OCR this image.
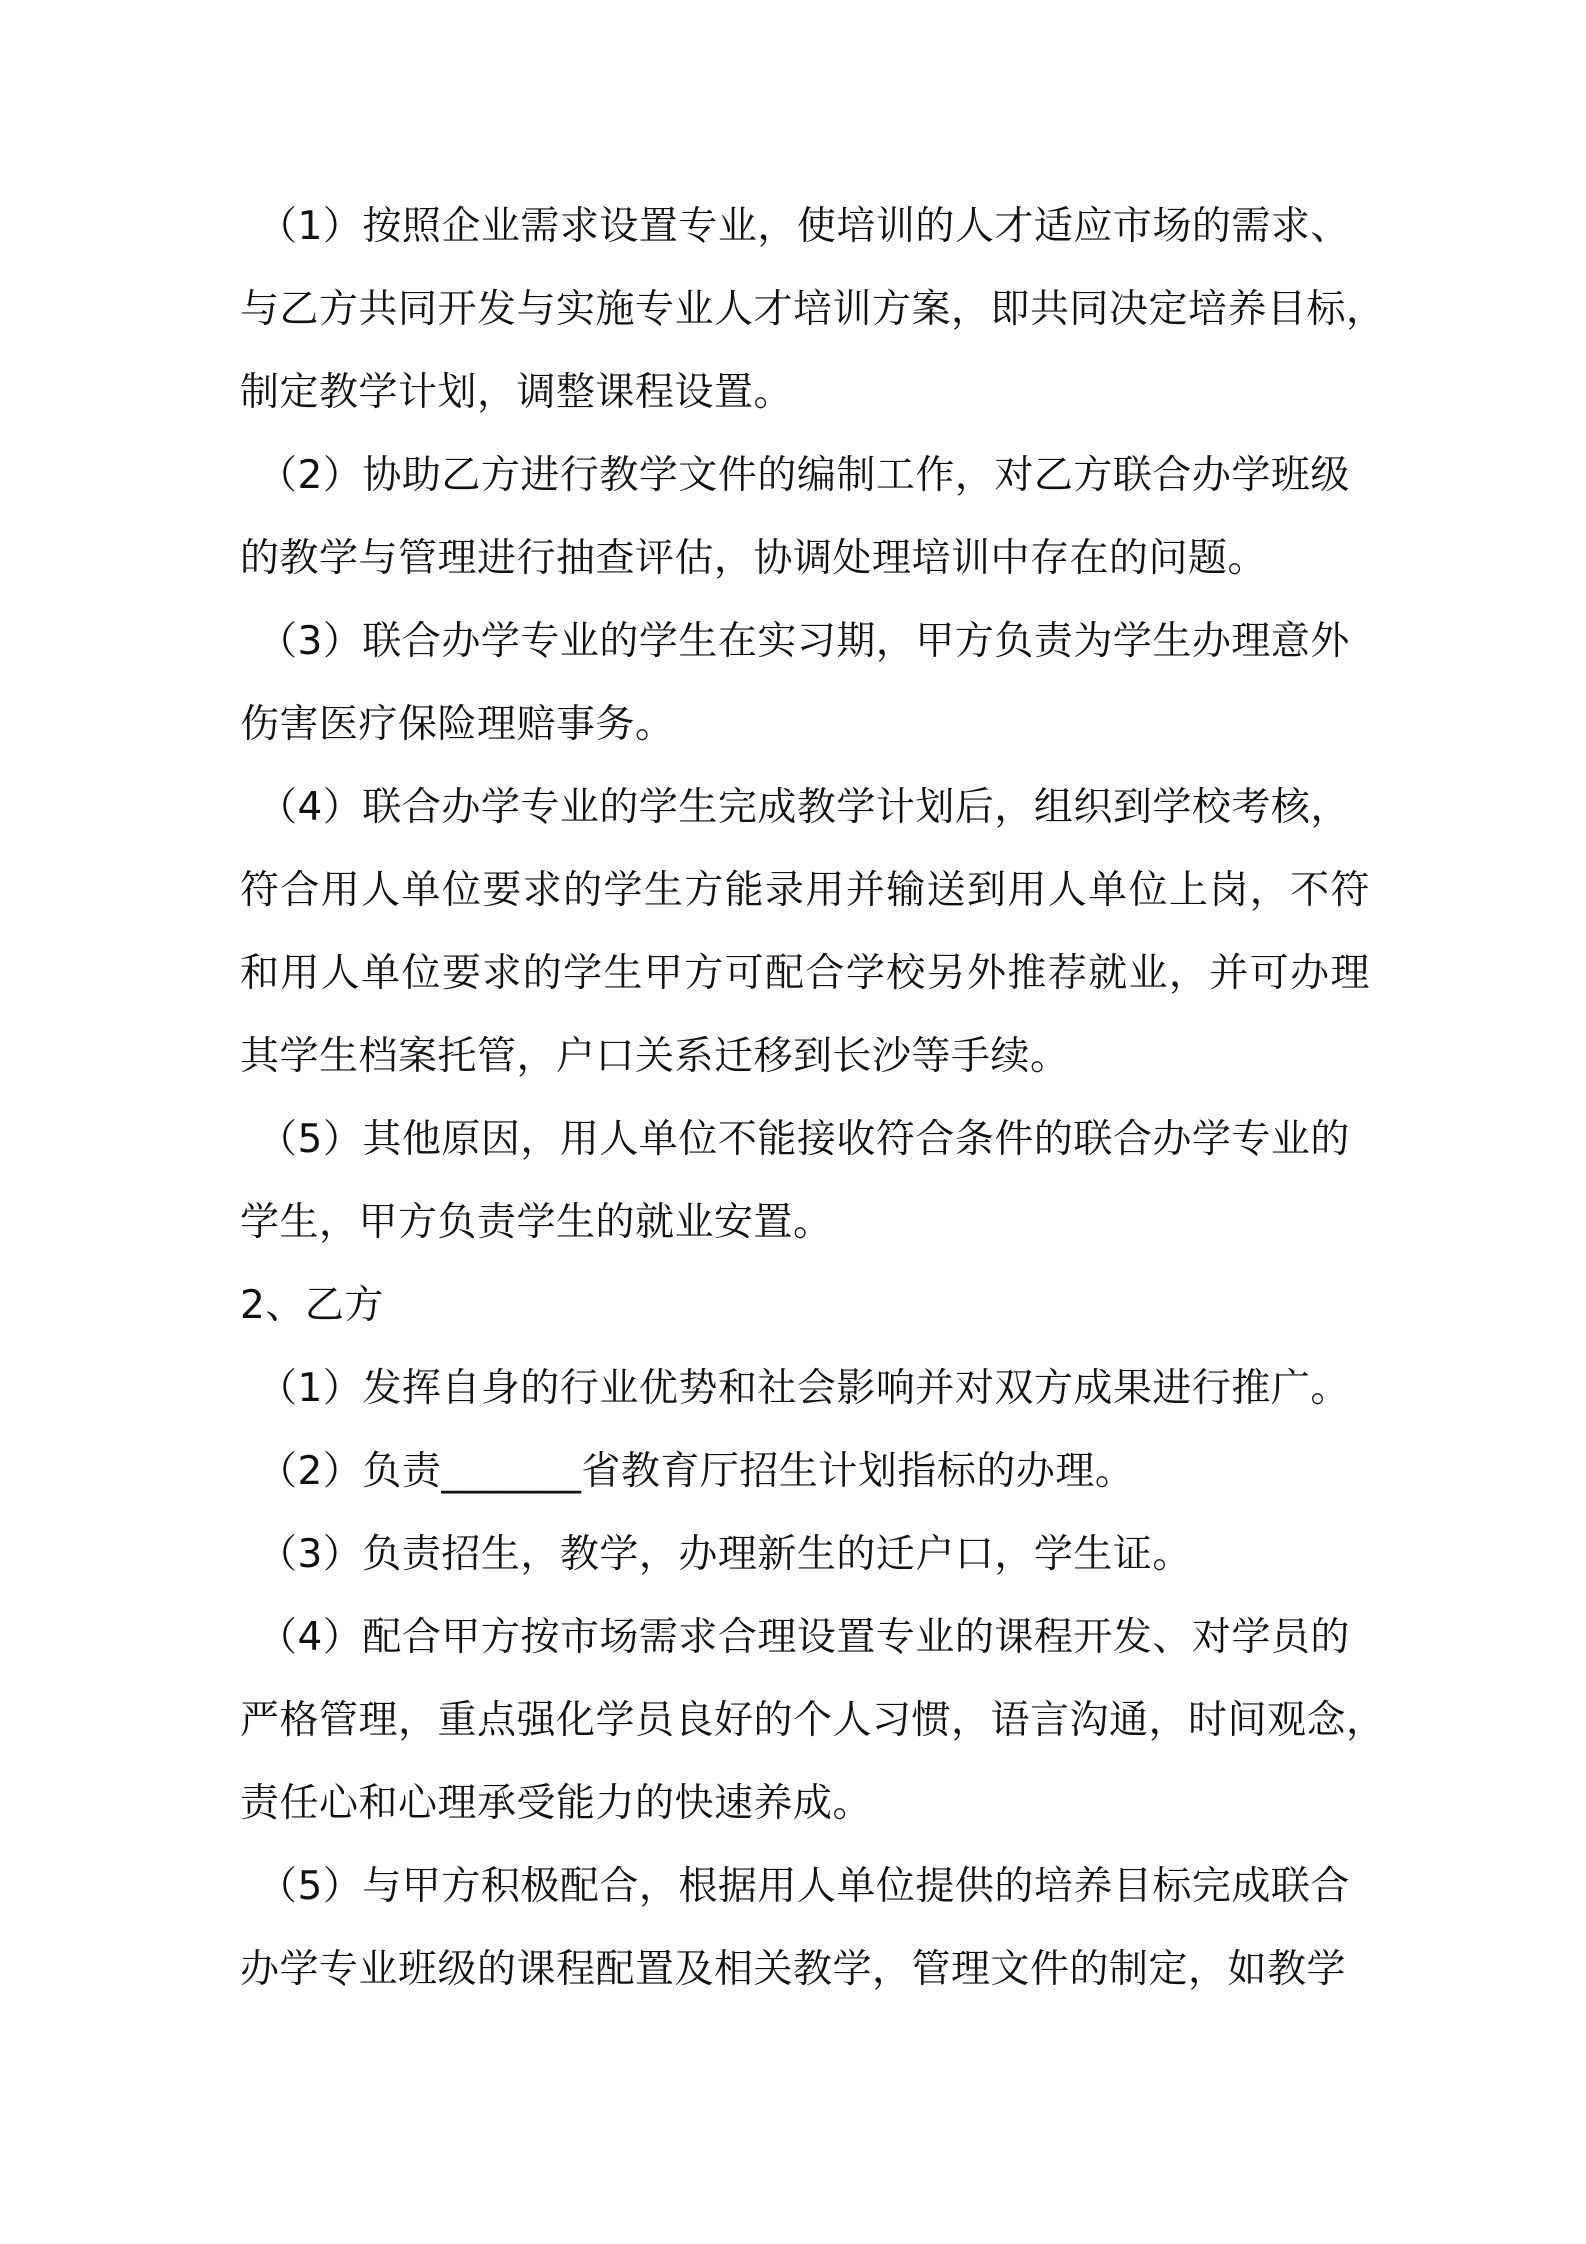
（1）按照企业需求设置专业，使培训的人才适应市场的需求、
与乙方共同开发与实施专业人才培训方案，即共同决定培养目标，
制定教学计划，调整课程设置。
（2）协助乙方进行教学文件的编制工作，对乙方联合办学班级
的教学与管理进行抽查评估，协调处理培训中存在的问题。
（3）联合办学专业的学生在实习期，甲方负责为学生办理意外
伤害医疗保险理赔事务。
（4）联合办学专业的学生完成教学计划后，组织到学校考核，
符合用人单位要求的学生方能录用并输送到用人单位上岗，不符
和用人单位要求的学生甲方可配合学校另外推荐就业，并可办理
其学生档案托管，户口关系迁移到长沙等手续。
（5）其他原因，用人单位不能接收符合条件的联合办学专业的
学生，甲方负责学生的就业安置。
2、乙方
（1）发挥自身的行业优势和社会影响并对双方成果进行推广。
（2）负责_______省教育厅招生计划指标的办理。
（3）负责招生，教学，办理新生的迁户口，学生证。
（4）配合甲方按市场需求合理设置专业的课程开发、对学员的
严格管理，重点强化学员良好的个人习惯，语言沟通，时间观念，
责任心和心理承受能力的快速养成。
（5）与甲方积极配合，根据用人单位提供的培养目标完成联合
办学专业班级的课程配置及相关教学，管理文件的制定，如教学
